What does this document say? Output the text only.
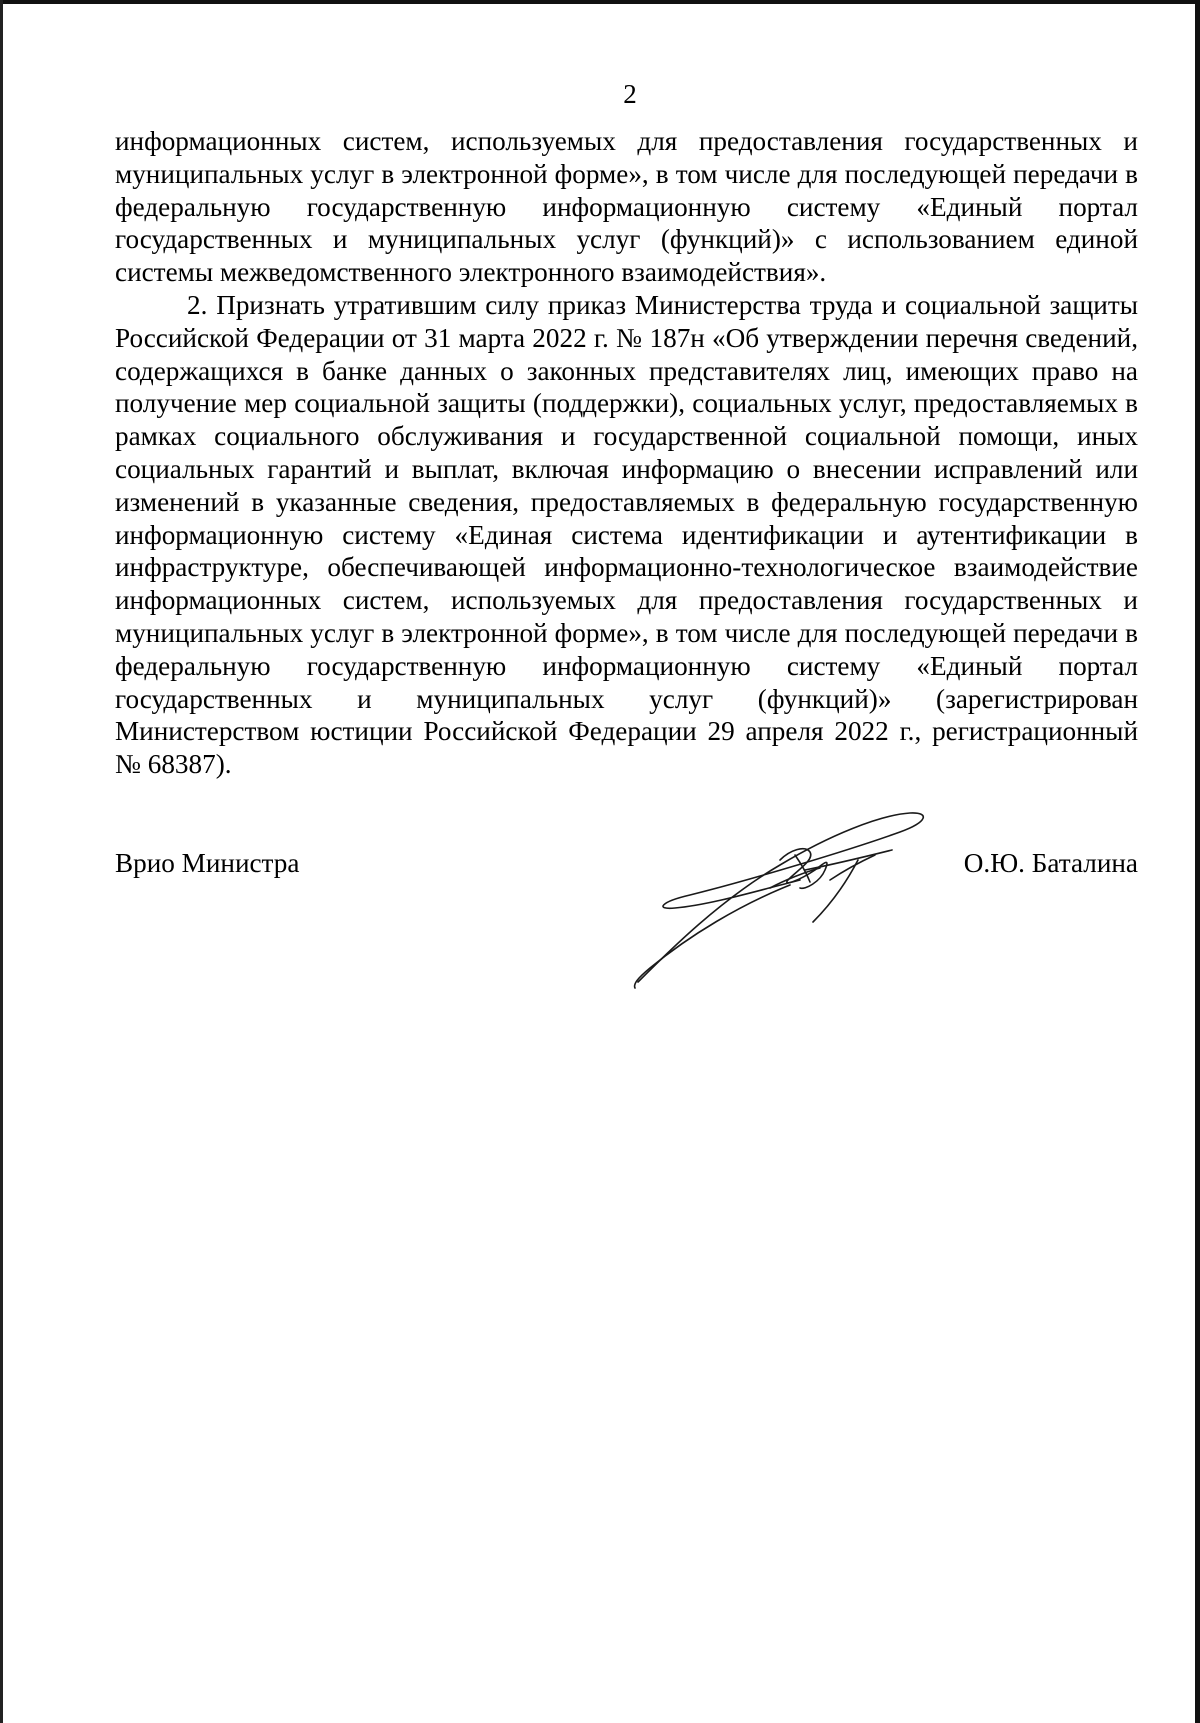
2

информационных систем, используемых для предоставления государственных и муниципальных услуг в электронной форме», в том числе для последующей передачи в федеральную государственную информационную систему «Единый портал государственных и муниципальных услуг (функций)» с использованием единой системы межведомственного электронного взаимодействия».

2. Признать утратившим силу приказ Министерства труда и социальной защиты Российской Федерации от 31 марта 2022 г. № 187н «Об утверждении перечня сведений, содержащихся в банке данных о законных представителях лиц, имеющих право на получение мер социальной защиты (поддержки), социальных услуг, предоставляемых в рамках социального обслуживания и государственной социальной помощи, иных социальных гарантий и выплат, включая информацию о внесении исправлений или изменений в указанные сведения, предоставляемых в федеральную государственную информационную систему «Единая система идентификации и аутентификации в инфраструктуре, обеспечивающей информационно-технологическое взаимодействие информационных систем, используемых для предоставления государственных и муниципальных услуг в электронной форме», в том числе для последующей передачи в федеральную государственную информационную систему «Единый портал государственных и муниципальных услуг (функций)» (зарегистрирован Министерством юстиции Российской Федерации 29 апреля 2022 г., регистрационный № 68387).

Врио Министра	О.Ю. Баталина
